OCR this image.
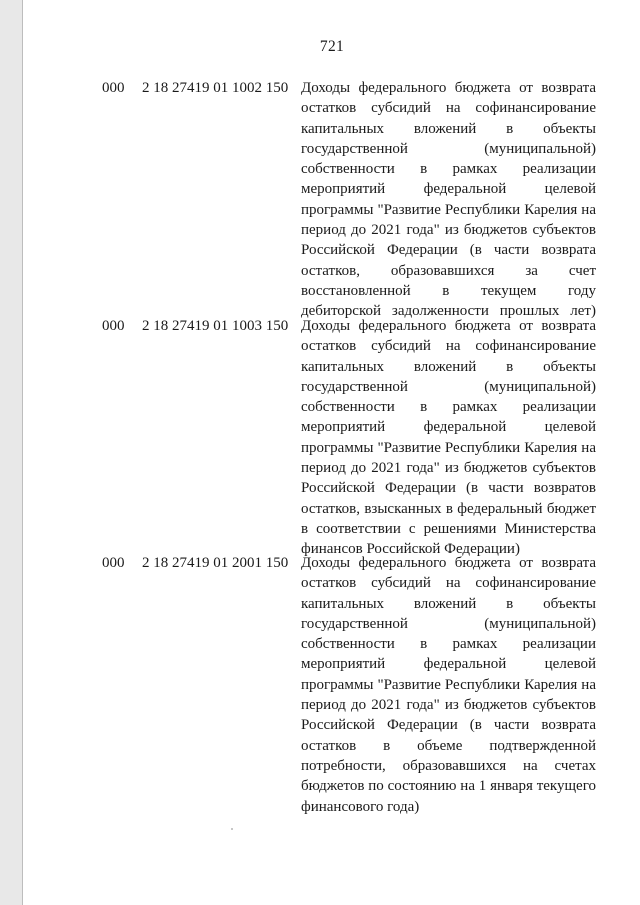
721
000 2 18 27419 01 1002 150 Доходы федерального бюджета от возврата
остатков субсидий на софинансирование
капитальных вложений в объекты
государственной (муниципальной)
собственности в рамках реализации
мероприятий федеральной целевой
программы "Развитие Республики Карелия на
период до 2021 года" из бюджетов субъектов
Российской Федерации (в части возврата
остатков, образовавшихся за счет
восстановленной в текущем году
дебиторской задолженности прошлых лет)
000 2 18 27419 01 1003 150 Доходы федерального бюджета от возврата
остатков субсидий на софинансирование
капитальных вложений в объекты
государственной (муниципальной)
собственности в рамках реализации
мероприятий федеральной целевой
программы "Развитие Республики Карелия на
период до 2021 года" из бюджетов субъектов
Российской Федерации (в части возвратов
остатков, взысканных в федеральный бюджет
в соответствии с решениями Министерства
финансов Российской Федерации)
000 2 18 27419 01 2001 150 Доходы федерального бюджета от возврата
остатков субсидий на софинансирование
капитальных вложений в объекты
государственной (муниципальной)
собственности в рамках реализации
мероприятий федеральной целевой
программы "Развитие Республики Карелия на
период до 2021 года" из бюджетов субъектов
Российской Федерации (в части возврата
остатков в объеме подтвержденной
потребности, образовавшихся на счетах
бюджетов по состоянию на 1 января текущего
финансового года)
